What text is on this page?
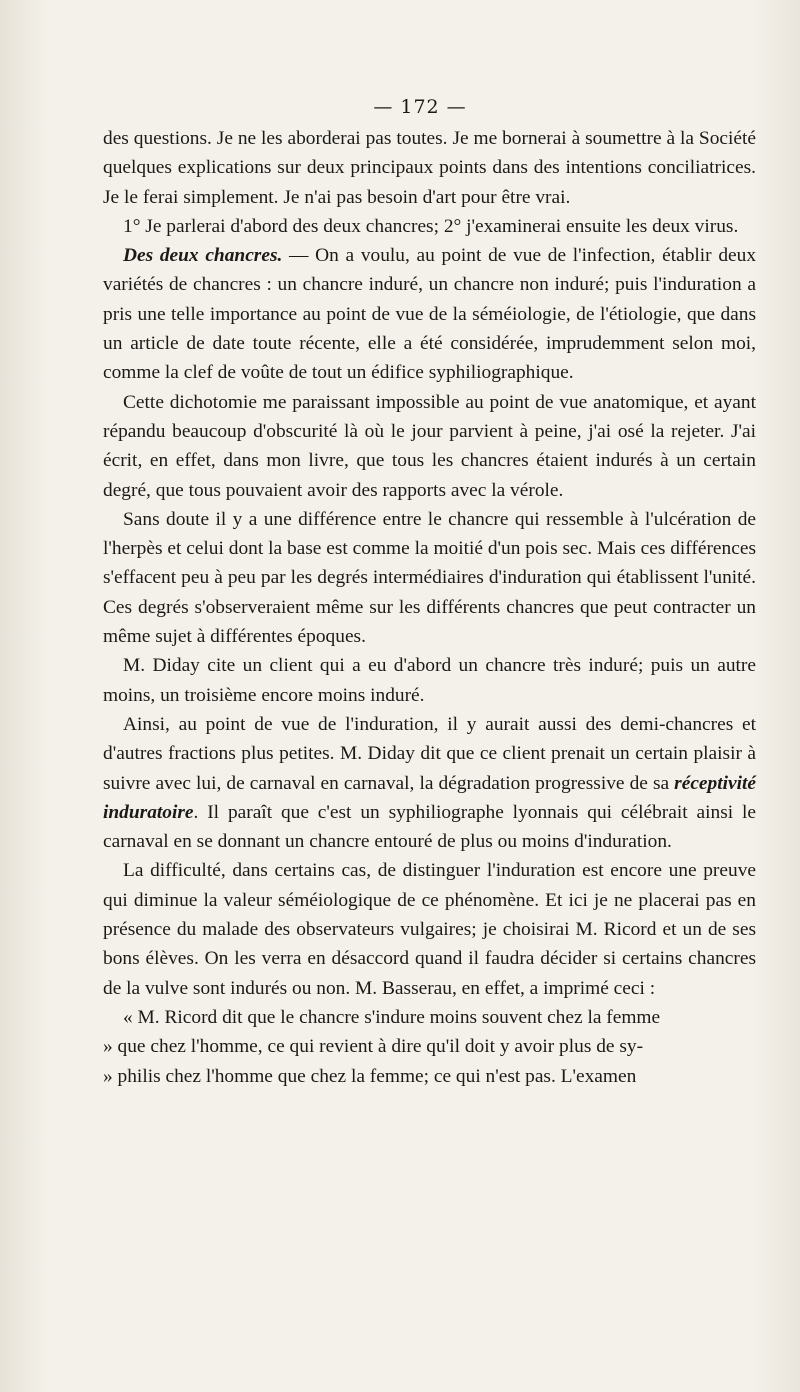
— 172 —

des questions. Je ne les aborderai pas toutes. Je me bornerai à soumettre à la Société quelques explications sur deux principaux points dans des intentions conciliatrices. Je le ferai simplement. Je n'ai pas besoin d'art pour être vrai.

1° Je parlerai d'abord des deux chancres; 2° j'examinerai ensuite les deux virus.

Des deux chancres. — On a voulu, au point de vue de l'infection, établir deux variétés de chancres : un chancre induré, un chancre non induré; puis l'induration a pris une telle importance au point de vue de la séméiologie, de l'étiologie, que dans un article de date toute récente, elle a été considérée, imprudemment selon moi, comme la clef de voûte de tout un édifice syphiliographique.

Cette dichotomie me paraissant impossible au point de vue anatomique, et ayant répandu beaucoup d'obscurité là où le jour parvient à peine, j'ai osé la rejeter. J'ai écrit, en effet, dans mon livre, que tous les chancres étaient indurés à un certain degré, que tous pouvaient avoir des rapports avec la vérole.

Sans doute il y a une différence entre le chancre qui ressemble à l'ulcération de l'herpès et celui dont la base est comme la moitié d'un pois sec. Mais ces différences s'effacent peu à peu par les degrés intermédiaires d'induration qui établissent l'unité. Ces degrés s'observeraient même sur les différents chancres que peut contracter un même sujet à différentes époques.

M. Diday cite un client qui a eu d'abord un chancre très induré; puis un autre moins, un troisième encore moins induré.

Ainsi, au point de vue de l'induration, il y aurait aussi des demi-chancres et d'autres fractions plus petites. M. Diday dit que ce client prenait un certain plaisir à suivre avec lui, de carnaval en carnaval, la dégradation progressive de sa réceptivité induratoire. Il paraît que c'est un syphiliographe lyonnais qui célébrait ainsi le carnaval en se donnant un chancre entouré de plus ou moins d'induration.

La difficulté, dans certains cas, de distinguer l'induration est encore une preuve qui diminue la valeur séméiologique de ce phénomène. Et ici je ne placerai pas en présence du malade des observateurs vulgaires; je choisirai M. Ricord et un de ses bons élèves. On les verra en désaccord quand il faudra décider si certains chancres de la vulve sont indurés ou non. M. Basserau, en effet, a imprimé ceci :

« M. Ricord dit que le chancre s'indure moins souvent chez la femme

» que chez l'homme, ce qui revient à dire qu'il doit y avoir plus de sy-

» philis chez l'homme que chez la femme; ce qui n'est pas. L'examen
